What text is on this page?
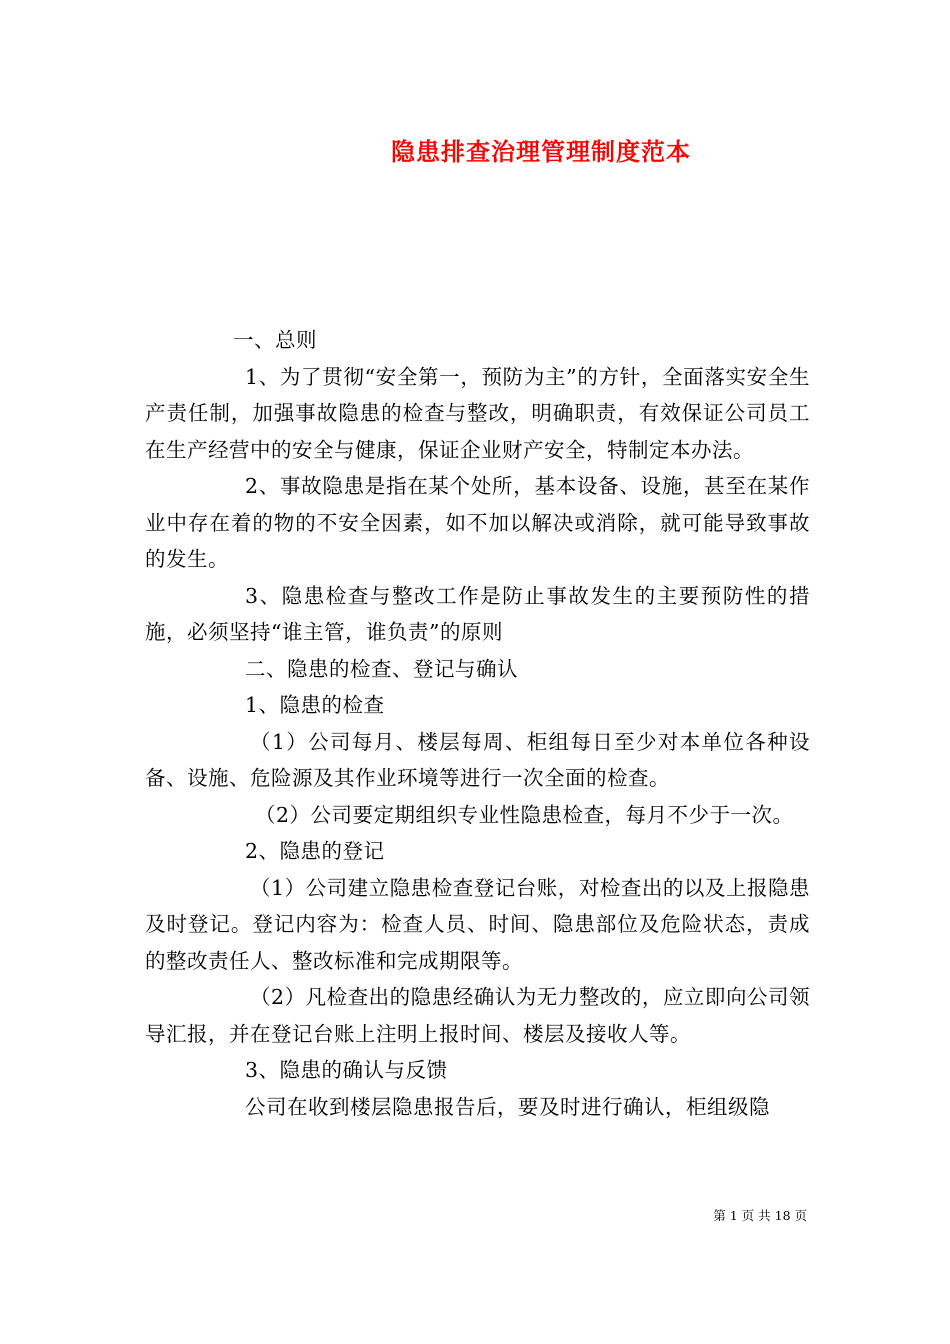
隐患排查治理管理制度范本

一、总则

1、为了贯彻“安全第一，预防为主”的方针，全面落实安全生产责任制，加强事故隐患的检查与整改，明确职责，有效保证公司员工在生产经营中的安全与健康，保证企业财产安全，特制定本办法。

2、事故隐患是指在某个处所，基本设备、设施，甚至在某作业中存在着的物的不安全因素，如不加以解决或消除，就可能导致事故的发生。

3、隐患检查与整改工作是防止事故发生的主要预防性的措施，必须坚持“谁主管，谁负责”的原则

二、隐患的检查、登记与确认

1、隐患的检查

（1）公司每月、楼层每周、柜组每日至少对本单位各种设备、设施、危险源及其作业环境等进行一次全面的检查。

（2）公司要定期组织专业性隐患检查，每月不少于一次。

2、隐患的登记

（1）公司建立隐患检查登记台账，对检查出的以及上报隐患及时登记。登记内容为：检查人员、时间、隐患部位及危险状态，责成的整改责任人、整改标准和完成期限等。

（2）凡检查出的隐患经确认为无力整改的，应立即向公司领导汇报，并在登记台账上注明上报时间、楼层及接收人等。

3、隐患的确认与反馈

公司在收到楼层隐患报告后，要及时进行确认，柜组级隐

第 1 页 共 18 页
